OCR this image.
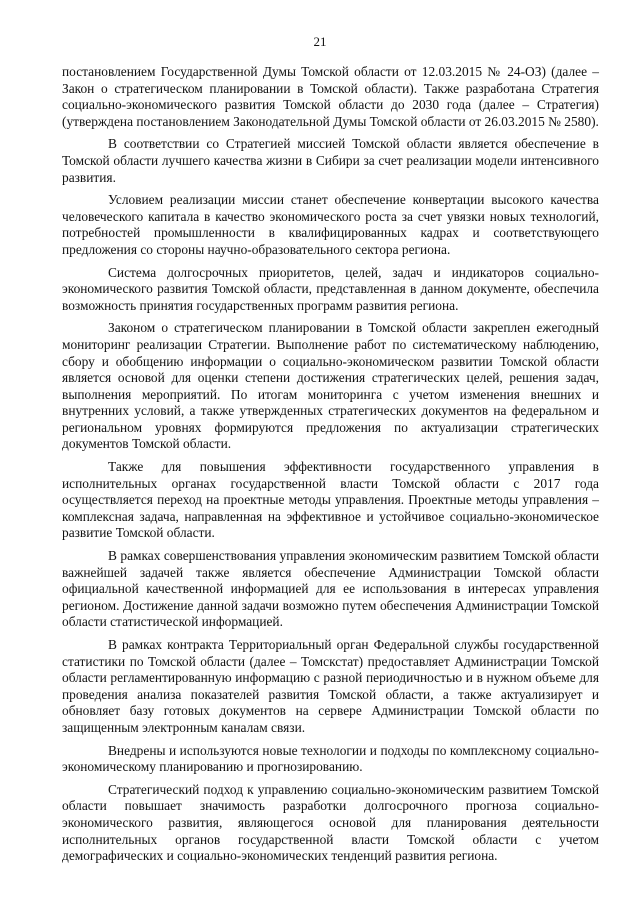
21

постановлением Государственной Думы Томской области от 12.03.2015 № 24-ОЗ) (далее – Закон о стратегическом планировании в Томской области). Также разработана Стратегия социально-экономического развития Томской области до 2030 года (далее – Стратегия) (утверждена постановлением Законодательной Думы Томской области от 26.03.2015 № 2580).

В соответствии со Стратегией миссией Томской области является обеспечение в Томской области лучшего качества жизни в Сибири за счет реализации модели интенсивного развития.

Условием реализации миссии станет обеспечение конвертации высокого качества человеческого капитала в качество экономического роста за счет увязки новых технологий, потребностей промышленности в квалифицированных кадрах и соответствующего предложения со стороны научно-образовательного сектора региона.

Система долгосрочных приоритетов, целей, задач и индикаторов социально-экономического развития Томской области, представленная в данном документе, обеспечила возможность принятия государственных программ развития региона.

Законом о стратегическом планировании в Томской области закреплен ежегодный мониторинг реализации Стратегии. Выполнение работ по систематическому наблюдению, сбору и обобщению информации о социально-экономическом развитии Томской области является основой для оценки степени достижения стратегических целей, решения задач, выполнения мероприятий. По итогам мониторинга с учетом изменения внешних и внутренних условий, а также утвержденных стратегических документов на федеральном и региональном уровнях формируются предложения по актуализации стратегических документов Томской области.

Также для повышения эффективности государственного управления в исполнительных органах государственной власти Томской области с 2017 года осуществляется переход на проектные методы управления. Проектные методы управления – комплексная задача, направленная на эффективное и устойчивое социально-экономическое развитие Томской области.

В рамках совершенствования управления экономическим развитием Томской области важнейшей задачей также является обеспечение Администрации Томской области официальной качественной информацией для ее использования в интересах управления регионом. Достижение данной задачи возможно путем обеспечения Администрации Томской области статистической информацией.

В рамках контракта Территориальный орган Федеральной службы государственной статистики по Томской области (далее – Томскстат) предоставляет Администрации Томской области регламентированную информацию с разной периодичностью и в нужном объеме для проведения анализа показателей развития Томской области, а также актуализирует и обновляет базу готовых документов на сервере Администрации Томской области по защищенным электронным каналам связи.

Внедрены и используются новые технологии и подходы по комплексному социально-экономическому планированию и прогнозированию.

Стратегический подход к управлению социально-экономическим развитием Томской области повышает значимость разработки долгосрочного прогноза социально-экономического развития, являющегося основой для планирования деятельности исполнительных органов государственной власти Томской области с учетом демографических и социально-экономических тенденций развития региона.
